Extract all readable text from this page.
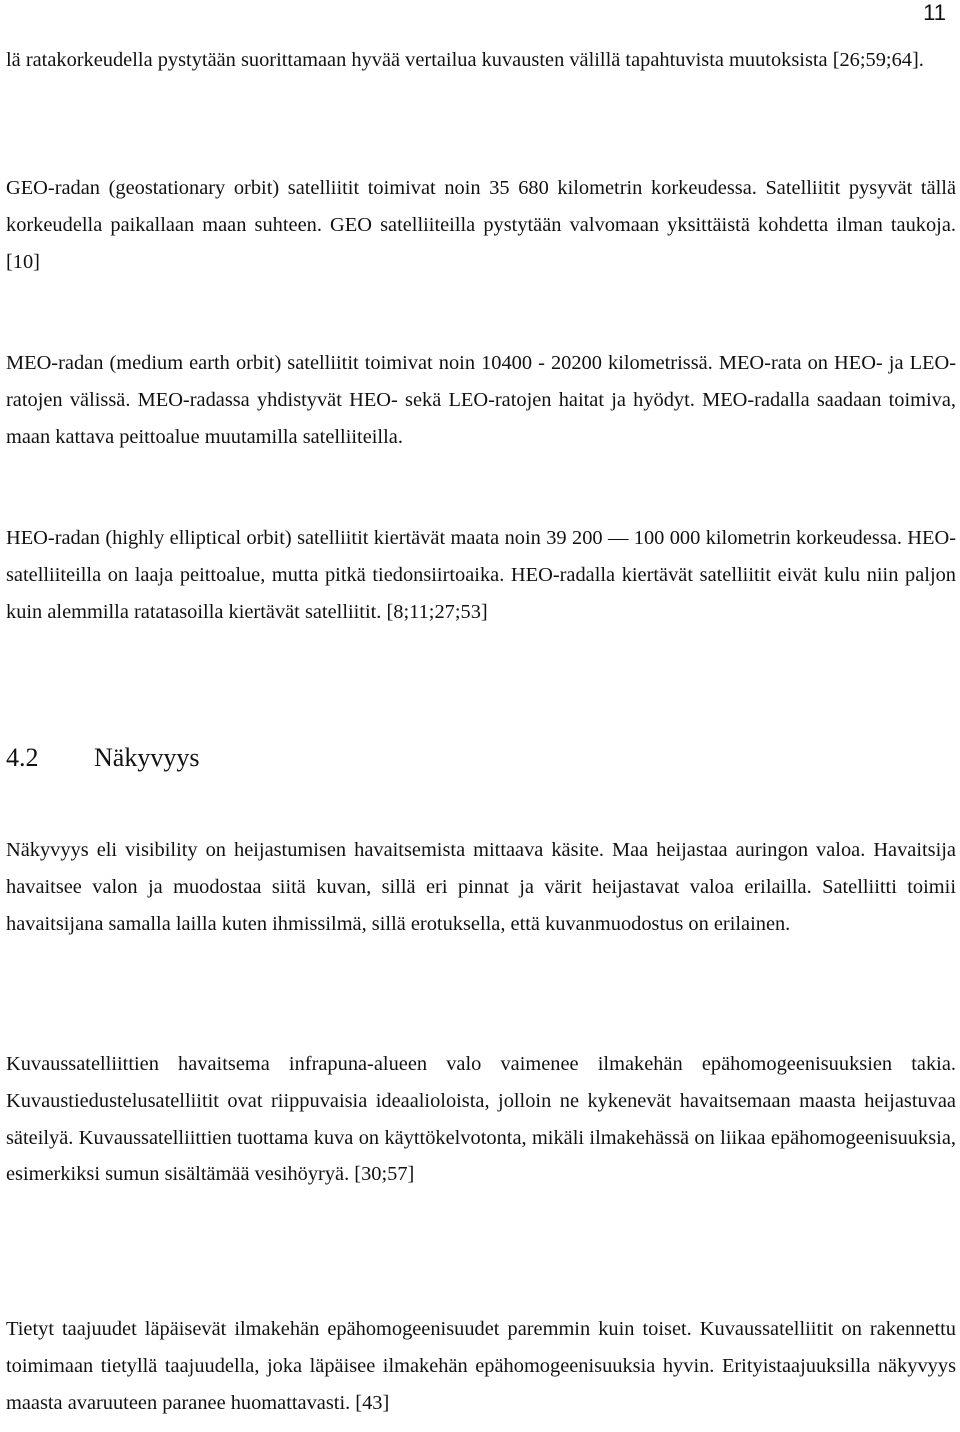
11

lä ratakorkeudella pystytään suorittamaan hyvää vertailua kuvausten välillä tapahtuvista muutoksista [26;59;64].

GEO-radan (geostationary orbit) satelliitit toimivat noin 35 680 kilometrin korkeudessa. Satelliitit pysyvät tällä korkeudella paikallaan maan suhteen. GEO satelliiteilla pystytään valvomaan yksittäistä kohdetta ilman taukoja. [10]

MEO-radan (medium earth orbit) satelliitit toimivat noin 10400 - 20200 kilometrissä. MEO-rata on HEO- ja LEO-ratojen välissä. MEO-radassa yhdistyvät HEO- sekä LEO-ratojen haitat ja hyödyt. MEO-radalla saadaan toimiva, maan kattava peittoalue muutamilla satelliiteilla.

HEO-radan (highly elliptical orbit) satelliitit kiertävät maata noin 39 200 — 100 000 kilometrin korkeudessa. HEO-satelliiteilla on laaja peittoalue, mutta pitkä tiedonsiirtoaika. HEO-radalla kiertävät satelliitit eivät kulu niin paljon kuin alemmilla ratatasoilla kiertävät satelliitit. [8;11;27;53]

4.2 Näkyvyys

Näkyvyys eli visibility on heijastumisen havaitsemista mittaava käsite. Maa heijastaa auringon valoa. Havaitsija havaitsee valon ja muodostaa siitä kuvan, sillä eri pinnat ja värit heijastavat valoa erilailla. Satelliitti toimii havaitsijana samalla lailla kuten ihmissilmä, sillä erotuksella, että kuvanmuodostus on erilainen.

Kuvaussatelliittien havaitsema infrapuna-alueen valo vaimenee ilmakehän epähomogeenisuuksien takia. Kuvaustiedustelusatelliitit ovat riippuvaisia ideaalioloista, jolloin ne kykenevät havaitsemaan maasta heijastuvaa säteilyä. Kuvaussatelliittien tuottama kuva on käyttökelvotonta, mikäli ilmakehässä on liikaa epähomogeenisuuksia, esimerkiksi sumun sisältämää vesihöyryä. [30;57]

Tietyt taajuudet läpäisevät ilmakehän epähomogeenisuudet paremmin kuin toiset. Kuvaussatelliitit on rakennettu toimimaan tietyllä taajuudella, joka läpäisee ilmakehän epähomogeenisuuksia hyvin. Erityistaajuuksilla näkyvyys maasta avaruuteen paranee huomattavasti. [43]
